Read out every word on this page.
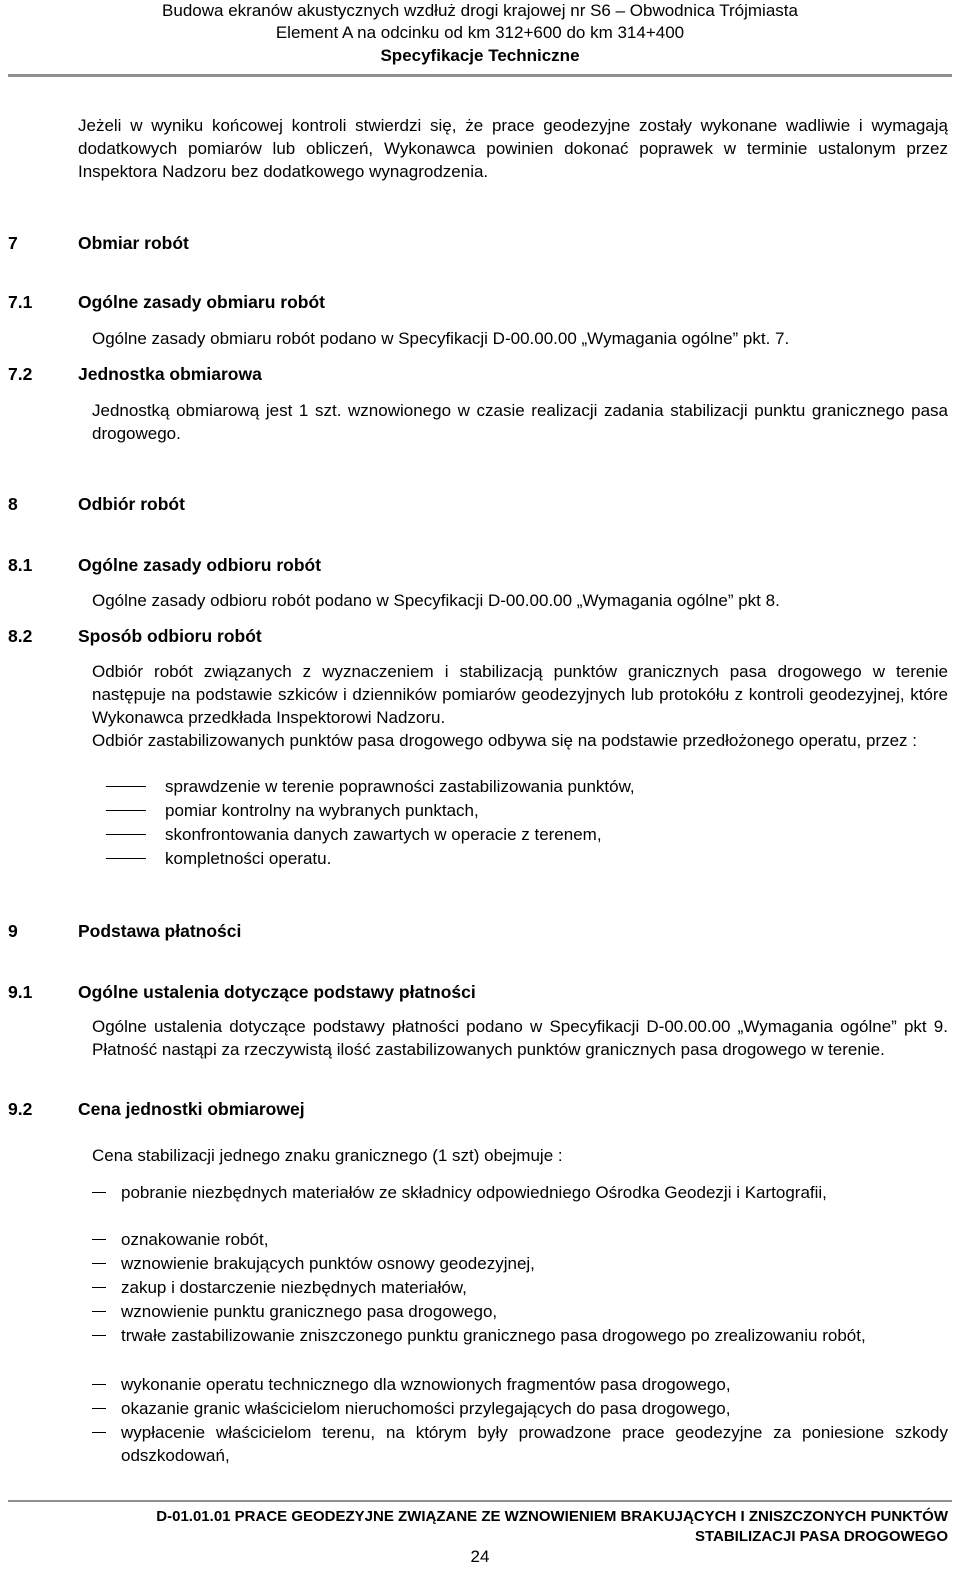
Budowa ekranów akustycznych wzdłuż drogi krajowej nr S6 – Obwodnica Trójmiasta
Element A na odcinku od km 312+600 do km 314+400
Specyfikacje Techniczne
Jeżeli w wyniku końcowej kontroli stwierdzi się, że prace geodezyjne zostały wykonane wadliwie i wymagają dodatkowych pomiarów lub obliczeń, Wykonawca powinien dokonać poprawek w terminie ustalonym przez Inspektora Nadzoru bez dodatkowego wynagrodzenia.
7	Obmiar robót
7.1	Ogólne zasady obmiaru robót
Ogólne zasady obmiaru robót podano w Specyfikacji D-00.00.00 „Wymagania ogólne” pkt. 7.
7.2	Jednostka obmiarowa
Jednostką obmiarową jest 1 szt. wznowionego w czasie realizacji zadania stabilizacji punktu granicznego pasa drogowego.
8	Odbiór robót
8.1	Ogólne zasady odbioru robót
Ogólne zasady odbioru robót podano w Specyfikacji D-00.00.00 „Wymagania ogólne” pkt 8.
8.2	Sposób odbioru robót
Odbiór robót związanych z wyznaczeniem i stabilizacją punktów granicznych pasa drogowego w terenie następuje na podstawie szkiców i dzienników pomiarów geodezyjnych lub protokółu z kontroli geodezyjnej, które Wykonawca przedkłada Inspektorowi Nadzoru.
Odbiór zastabilizowanych punktów pasa drogowego odbywa się na podstawie przedłożonego operatu, przez :
sprawdzenie w terenie poprawności zastabilizowania punktów,
pomiar kontrolny na wybranych punktach,
skonfrontowania danych zawartych w operacie z terenem,
kompletności operatu.
9	Podstawa płatności
9.1	Ogólne ustalenia dotyczące podstawy płatności
Ogólne ustalenia dotyczące podstawy płatności podano w Specyfikacji D-00.00.00 „Wymagania ogólne” pkt 9. Płatność nastąpi za rzeczywistą ilość zastabilizowanych punktów granicznych pasa drogowego w terenie.
9.2	Cena jednostki obmiarowej
Cena stabilizacji jednego znaku granicznego (1 szt) obejmuje :
pobranie niezbędnych materiałów ze składnicy odpowiedniego Ośrodka Geodezji i Kartografii,
oznakowanie robót,
wznowienie brakujących punktów osnowy geodezyjnej,
zakup i dostarczenie niezbędnych materiałów,
wznowienie punktu granicznego pasa drogowego,
trwałe zastabilizowanie zniszczonego punktu granicznego pasa drogowego po zrealizowaniu robót,
wykonanie operatu technicznego dla wznowionych fragmentów pasa drogowego,
okazanie granic właścicielom nieruchomości przylegających do pasa drogowego,
wypłacenie właścicielom terenu, na którym były prowadzone prace geodezyjne za poniesione szkody odszkodowań,
D-01.01.01 PRACE GEODEZYJNE ZWIĄZANE ZE WZNOWIENIEM BRAKUJĄCYCH I ZNISZCZONYCH PUNKTÓW
STABILIZACJI PASA DROGOWEGO
24
